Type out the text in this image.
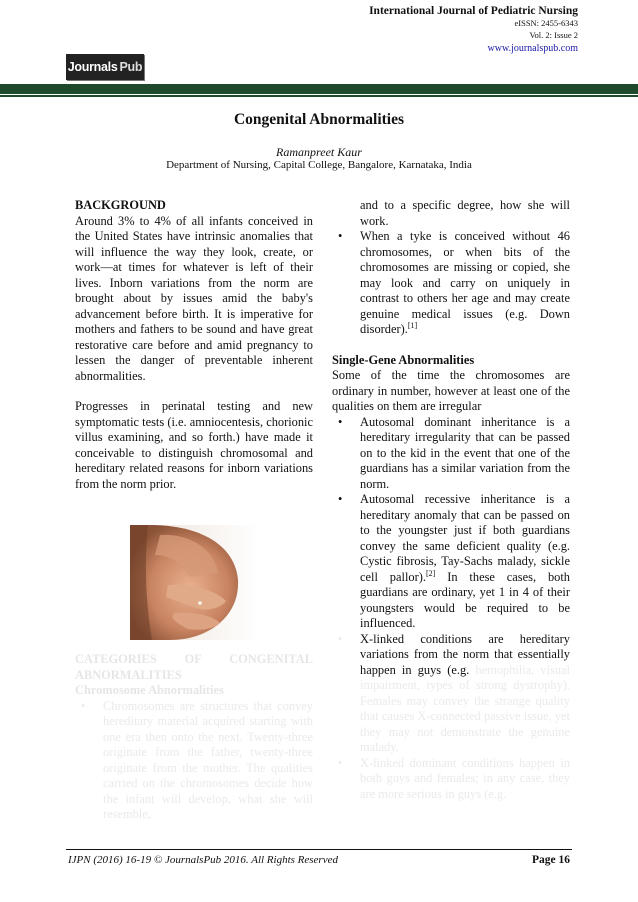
International Journal of Pediatric Nursing
eISSN: 2455-6343
Vol. 2: Issue 2
www.journalspub.com
Journals Pub
Congenital Abnormalities
Ramanpreet Kaur
Department of Nursing, Capital College, Bangalore, Karnataka, India

BACKGROUND

Around 3% to 4% of all infants conceived in the United States have intrinsic anomalies that will influence the way they look, create, or work—at times for whatever is left of their lives. Inborn variations from the norm are brought about by issues amid the baby's advancement before birth. It is imperative for mothers and fathers to be sound and have great restorative care before and amid pregnancy to lessen the danger of preventable inherent abnormalities.

Progresses in perinatal testing and new symptomatic tests (i.e. amniocentesis, chorionic villus examining, and so forth.) have made it conceivable to distinguish chromosomal and hereditary related reasons for inborn variations from the norm prior.

CATEGORIES OF CONGENITAL ABNORMALITIES

Chromosome Abnormalities

• Chromosomes are structures that convey hereditary material acquired starting with one era then onto the next. Twenty-three originate from the father, twenty-three originate from the mother. The qualities carried on the chromosomes decide how the infant will develop, what she will resemble,

and to a specific degree, how she will work.

• When a tyke is conceived without 46 chromosomes, or when bits of the chromosomes are missing or copied, she may look and carry on uniquely in contrast to others her age and may create genuine medical issues (e.g. Down disorder).[1]

Single-Gene Abnormalities

Some of the time the chromosomes are ordinary in number, however at least one of the qualities on them are irregular

• Autosomal dominant inheritance is a hereditary irregularity that can be passed on to the kid in the event that one of the guardians has a similar variation from the norm.
• Autosomal recessive inheritance is a hereditary anomaly that can be passed on to the youngster just if both guardians convey the same deficient quality (e.g. Cystic fibrosis, Tay-Sachs malady, sickle cell pallor).[2] In these cases, both guardians are ordinary, yet 1 in 4 of their youngsters would be required to be influenced.
• X-linked conditions are hereditary variations from the norm that essentially happen in guys (e.g. hemophilia, visual impairment, types of strong dystrophy). Females may convey the strange quality that causes X-connected passive issue, yet they may not demonstrate the genuine malady.
• X-linked dominant conditions happen in both guys and females; in any case, they are more serious in guys (e.g.
IJPN (2016) 16-19 © JournalsPub 2016. All Rights Reserved	Page 16
